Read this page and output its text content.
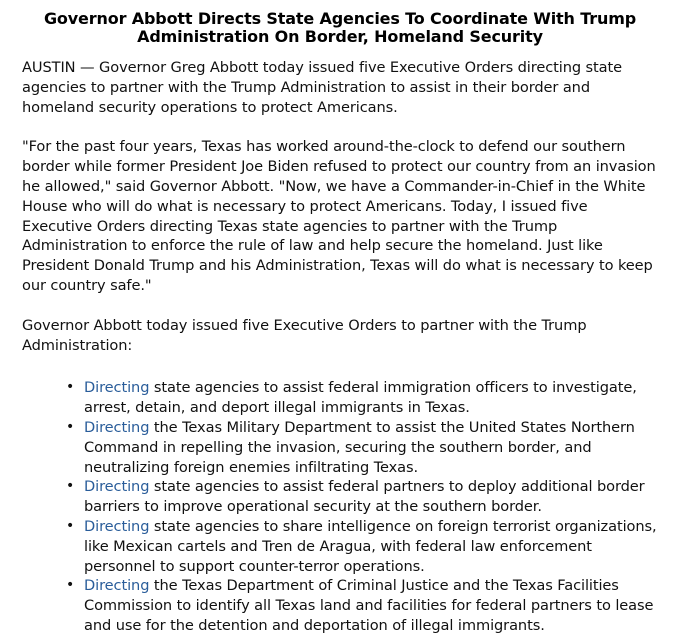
Governor Abbott Directs State Agencies To Coordinate With Trump Administration On Border, Homeland Security

AUSTIN — Governor Greg Abbott today issued five Executive Orders directing state agencies to partner with the Trump Administration to assist in their border and homeland security operations to protect Americans.

"For the past four years, Texas has worked around-the-clock to defend our southern border while former President Joe Biden refused to protect our country from an invasion he allowed," said Governor Abbott. "Now, we have a Commander-in-Chief in the White House who will do what is necessary to protect Americans. Today, I issued five Executive Orders directing Texas state agencies to partner with the Trump Administration to enforce the rule of law and help secure the homeland. Just like President Donald Trump and his Administration, Texas will do what is necessary to keep our country safe."

Governor Abbott today issued five Executive Orders to partner with the Trump Administration:

• Directing state agencies to assist federal immigration officers to investigate, arrest, detain, and deport illegal immigrants in Texas.
• Directing the Texas Military Department to assist the United States Northern Command in repelling the invasion, securing the southern border, and neutralizing foreign enemies infiltrating Texas.
• Directing state agencies to assist federal partners to deploy additional border barriers to improve operational security at the southern border.
• Directing state agencies to share intelligence on foreign terrorist organizations, like Mexican cartels and Tren de Aragua, with federal law enforcement personnel to support counter-terror operations.
• Directing the Texas Department of Criminal Justice and the Texas Facilities Commission to identify all Texas land and facilities for federal partners to lease and use for the detention and deportation of illegal immigrants.
